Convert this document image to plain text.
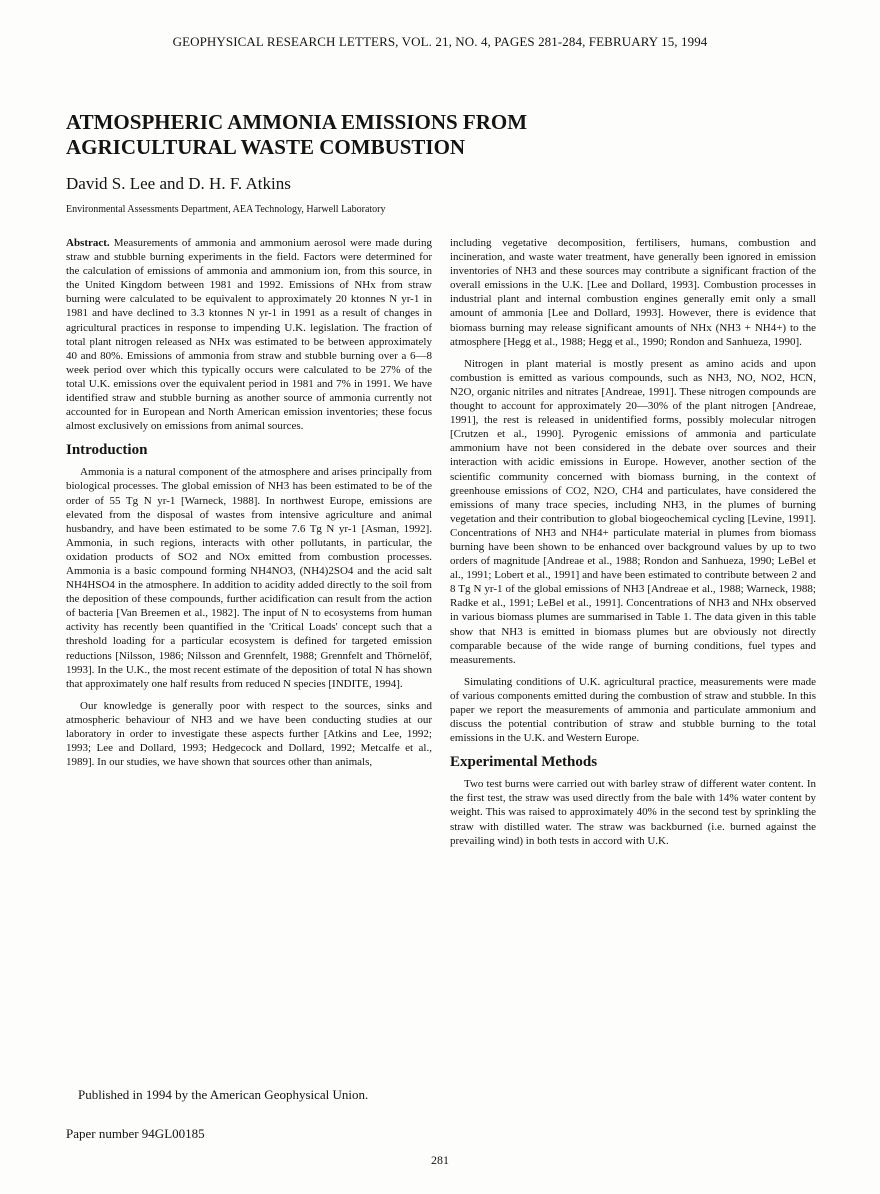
GEOPHYSICAL RESEARCH LETTERS, VOL. 21, NO. 4, PAGES 281-284, FEBRUARY 15, 1994
ATMOSPHERIC AMMONIA EMISSIONS FROM AGRICULTURAL WASTE COMBUSTION

David S. Lee and D. H. F. Atkins

Environmental Assessments Department, AEA Technology, Harwell Laboratory

Abstract. Measurements of ammonia and ammonium aerosol were made during straw and stubble burning experiments in the field. Factors were determined for the calculation of emissions of ammonia and ammonium ion, from this source, in the United Kingdom between 1981 and 1992. Emissions of NHx from straw burning were calculated to be equivalent to approximately 20 ktonnes N yr-1 in 1981 and have declined to 3.3 ktonnes N yr-1 in 1991 as a result of changes in agricultural practices in response to impending U.K. legislation. The fraction of total plant nitrogen released as NHx was estimated to be between approximately 40 and 80%. Emissions of ammonia from straw and stubble burning over a 6—8 week period over which this typically occurs were calculated to be 27% of the total U.K. emissions over the equivalent period in 1981 and 7% in 1991. We have identified straw and stubble burning as another source of ammonia currently not accounted for in European and North American emission inventories; these focus almost exclusively on emissions from animal sources.

Introduction

Ammonia is a natural component of the atmosphere and arises principally from biological processes. The global emission of NH3 has been estimated to be of the order of 55 Tg N yr-1 [Warneck, 1988]. In northwest Europe, emissions are elevated from the disposal of wastes from intensive agriculture and animal husbandry, and have been estimated to be some 7.6 Tg N yr-1 [Asman, 1992]. Ammonia, in such regions, interacts with other pollutants, in particular, the oxidation products of SO2 and NOx emitted from combustion processes. Ammonia is a basic compound forming NH4NO3, (NH4)2SO4 and the acid salt NH4HSO4 in the atmosphere. In addition to acidity added directly to the soil from the deposition of these compounds, further acidification can result from the action of bacteria [Van Breemen et al., 1982]. The input of N to ecosystems from human activity has recently been quantified in the 'Critical Loads' concept such that a threshold loading for a particular ecosystem is defined for targeted emission reductions [Nilsson, 1986; Nilsson and Grennfelt, 1988; Grennfelt and Thörnelöf, 1993]. In the U.K., the most recent estimate of the deposition of total N has shown that approximately one half results from reduced N species [INDITE, 1994].

Our knowledge is generally poor with respect to the sources, sinks and atmospheric behaviour of NH3 and we have been conducting studies at our laboratory in order to investigate these aspects further [Atkins and Lee, 1992; 1993; Lee and Dollard, 1993; Hedgecock and Dollard, 1992; Metcalfe et al., 1989]. In our studies, we have shown that sources other than animals,

including vegetative decomposition, fertilisers, humans, combustion and incineration, and waste water treatment, have generally been ignored in emission inventories of NH3 and these sources may contribute a significant fraction of the overall emissions in the U.K. [Lee and Dollard, 1993]. Combustion processes in industrial plant and internal combustion engines generally emit only a small amount of ammonia [Lee and Dollard, 1993]. However, there is evidence that biomass burning may release significant amounts of NHx (NH3 + NH4+) to the atmosphere [Hegg et al., 1988; Hegg et al., 1990; Rondon and Sanhueza, 1990].

Nitrogen in plant material is mostly present as amino acids and upon combustion is emitted as various compounds, such as NH3, NO, NO2, HCN, N2O, organic nitriles and nitrates [Andreae, 1991]. These nitrogen compounds are thought to account for approximately 20—30% of the plant nitrogen [Andreae, 1991], the rest is released in unidentified forms, possibly molecular nitrogen [Crutzen et al., 1990]. Pyrogenic emissions of ammonia and particulate ammonium have not been considered in the debate over sources and their interaction with acidic emissions in Europe. However, another section of the scientific community concerned with biomass burning, in the context of greenhouse emissions of CO2, N2O, CH4 and particulates, have considered the emissions of many trace species, including NH3, in the plumes of burning vegetation and their contribution to global biogeochemical cycling [Levine, 1991]. Concentrations of NH3 and NH4+ particulate material in plumes from biomass burning have been shown to be enhanced over background values by up to two orders of magnitude [Andreae et al., 1988; Rondon and Sanhueza, 1990; LeBel et al., 1991; Lobert et al., 1991] and have been estimated to contribute between 2 and 8 Tg N yr-1 of the global emissions of NH3 [Andreae et al., 1988; Warneck, 1988; Radke et al., 1991; LeBel et al., 1991]. Concentrations of NH3 and NHx observed in various biomass plumes are summarised in Table 1. The data given in this table show that NH3 is emitted in biomass plumes but are obviously not directly comparable because of the wide range of burning conditions, fuel types and measurements.

Simulating conditions of U.K. agricultural practice, measurements were made of various components emitted during the combustion of straw and stubble. In this paper we report the measurements of ammonia and particulate ammonium and discuss the potential contribution of straw and stubble burning to the total emissions in the U.K. and Western Europe.

Experimental Methods

Two test burns were carried out with barley straw of different water content. In the first test, the straw was used directly from the bale with 14% water content by weight. This was raised to approximately 40% in the second test by sprinkling the straw with distilled water. The straw was backburned (i.e. burned against the prevailing wind) in both tests in accord with U.K.

Published in 1994 by the American Geophysical Union.

Paper number 94GL00185

281
